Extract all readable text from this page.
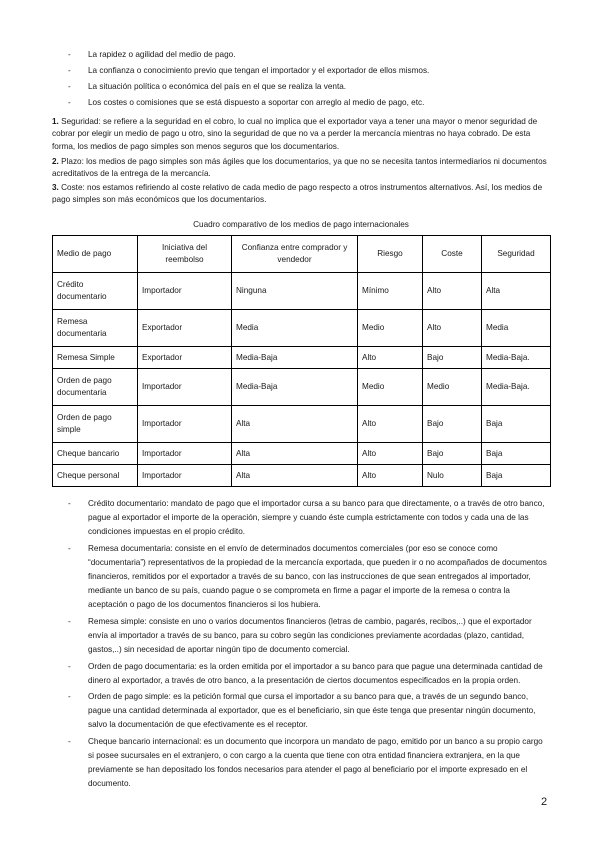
- La rapidez o agilidad del medio de pago.
- La confianza o conocimiento previo que tengan el importador y el exportador de ellos mismos.
- La situación política o económica del país en el que se realiza la venta.
- Los costes o comisiones que se está dispuesto a soportar con arreglo al medio de pago, etc.

1. Seguridad: se refiere a la seguridad en el cobro, lo cual no implica que el exportador vaya a tener una mayor o menor seguridad de cobrar por elegir un medio de pago u otro, sino la seguridad de que no va a perder la mercancía mientras no haya cobrado. De esta forma, los medios de pago simples son menos seguros que los documentarios.

2. Plazo: los medios de pago simples son más ágiles que los documentarios, ya que no se necesita tantos intermediarios ni documentos acreditativos de la entrega de la mercancía.

3. Coste: nos estamos refiriendo al coste relativo de cada medio de pago respecto a otros instrumentos alternativos. Así, los medios de pago simples son más económicos que los documentarios.

Cuadro comparativo de los medios de pago internacionales
Medio de pago	Iniciativa del reembolso	Confianza entre comprador y vendedor	Riesgo	Coste	Seguridad
Crédito documentario	Importador	Ninguna	Mínimo	Alto	Alta
Remesa documentaria	Exportador	Media	Medio	Alto	Media
Remesa Simple	Exportador	Media-Baja	Alto	Bajo	Media-Baja.
Orden de pago documentaria	Importador	Media-Baja	Medio	Medio	Media-Baja.
Orden de pago simple	Importador	Alta	Alto	Bajo	Baja
Cheque bancario	Importador	Alta	Alto	Bajo	Baja
Cheque personal	Importador	Alta	Alto	Nulo	Baja
- Crédito documentario: mandato de pago que el importador cursa a su banco para que directamente, o a través de otro banco, pague al exportador el importe de la operación, siempre y cuando éste cumpla estrictamente con todos y cada una de las condiciones impuestas en el propio crédito.
- Remesa documentaria: consiste en el envío de determinados documentos comerciales (por eso se conoce como “documentaria”) representativos de la propiedad de la mercancía exportada, que pueden ir o no acompañados de documentos financieros, remitidos por el exportador a través de su banco, con las instrucciones de que sean entregados al importador, mediante un banco de su país, cuando pague o se comprometa en firme a pagar el importe de la remesa o contra la aceptación o pago de los documentos financieros si los hubiera.
- Remesa simple: consiste en uno o varios documentos financieros (letras de cambio, pagarés, recibos,..) que el exportador envía al importador a través de su banco, para su cobro según las condiciones previamente acordadas (plazo, cantidad, gastos,..) sin necesidad de aportar ningún tipo de documento comercial.
- Orden de pago documentaria: es la orden emitida por el importador a su banco para que pague una determinada cantidad de dinero al exportador, a través de otro banco, a la presentación de ciertos documentos especificados en la propia orden.
- Orden de pago simple: es la petición formal que cursa el importador a su banco para que, a través de un segundo banco, pague una cantidad determinada al exportador, que es el beneficiario, sin que éste tenga que presentar ningún documento, salvo la documentación de que efectivamente es el receptor.
- Cheque bancario internacional: es un documento que incorpora un mandato de pago, emitido por un banco a su propio cargo si posee sucursales en el extranjero, o con cargo a la cuenta que tiene con otra entidad financiera extranjera, en la que previamente se han depositado los fondos necesarios para atender el pago al beneficiario por el importe expresado en el documento.
2
